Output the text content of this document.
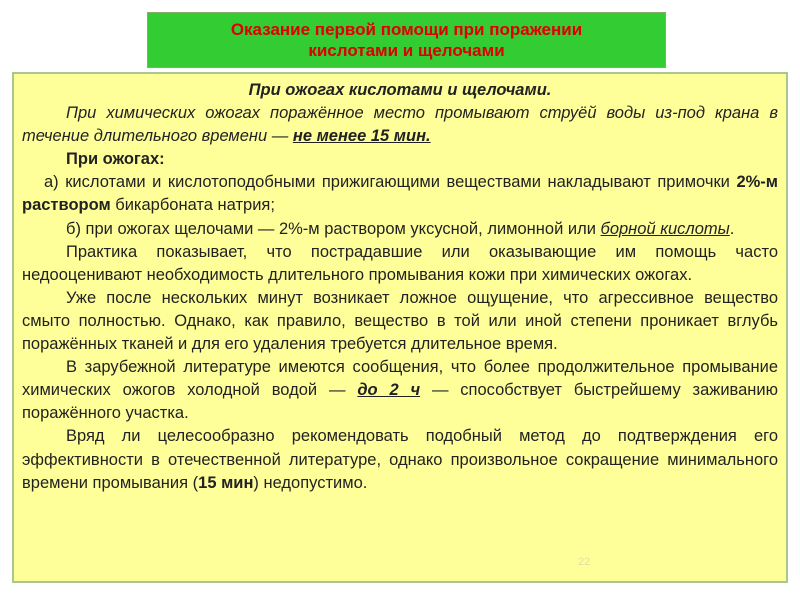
Оказание первой помощи при поражении
кислотами и щелочами

При ожогах кислотами и щелочами.

При химических ожогах поражённое место промывают струёй воды из-под крана в течение длительного времени — не менее 15 мин.

При ожогах:

а) кислотами и кислотоподобными прижигающими веществами накладывают примочки 2%-м раствором бикарбоната натрия;

б) при ожогах щелочами — 2%-м раствором уксусной, лимонной или борной кислоты.

Практика показывает, что пострадавшие или оказывающие им помощь часто недооценивают необходимость длительного промывания кожи при химических ожогах.

Уже после нескольких минут возникает ложное ощущение, что агрессивное вещество смыто полностью. Однако, как правило, вещество в той или иной степени проникает вглубь поражённых тканей и для его удаления требуется длительное время.

В зарубежной литературе имеются сообщения, что более продолжительное промывание химических ожогов холодной водой — до 2 ч — способствует быстрейшему заживанию поражённого участка.

Вряд ли целесообразно рекомендовать подобный метод до подтверждения его эффективности в отечественной литературе, однако произвольное сокращение минимального времени промывания (15 мин) недопустимо.

22
